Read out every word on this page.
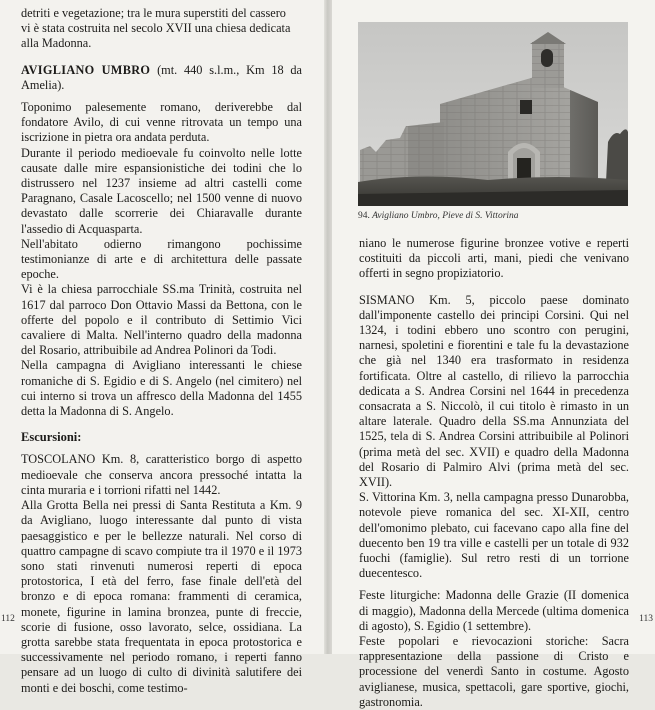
detriti e vegetazione; tra le mura superstiti del cassero

vi è stata costruita nel secolo XVII una chiesa dedicata

alla Madonna.

AVIGLIANO UMBRO (mt. 440 s.l.m., Km 18 da Amelia).

Toponimo palesemente romano, deriverebbe dal fondatore Avilo, di cui venne ritrovata un tempo una iscrizione in pietra ora andata perduta.

Durante il periodo medioevale fu coinvolto nelle lotte causate dalle mire espansionistiche dei todini che lo distrussero nel 1237 insieme ad altri castelli come Paragnano, Casale Lacoscello; nel 1500 venne di nuovo devastato dalle scorrerie dei Chiaravalle durante l'assedio di Acquasparta.

Nell'abitato odierno rimangono pochissime testimonianze di arte e di architettura delle passate epoche.

Vi è la chiesa parrocchiale SS.ma Trinità, costruita nel 1617 dal parroco Don Ottavio Massi da Bettona, con le offerte del popolo e il contributo di Settimio Vici cavaliere di Malta. Nell'interno quadro della madonna del Rosario, attribuibile ad Andrea Polinori da Todi.

Nella campagna di Avigliano interessanti le chiese romaniche di S. Egidio e di S. Angelo (nel cimitero) nel cui interno si trova un affresco della Madonna del 1455 detta la Madonna di S. Angelo.

Escursioni:

TOSCOLANO Km. 8, caratteristico borgo di aspetto medioevale che conserva ancora pressoché intatta la cinta muraria e i torrioni rifatti nel 1442.

Alla Grotta Bella nei pressi di Santa Restituta a Km. 9 da Avigliano, luogo interessante dal punto di vista paesaggistico e per le bellezze naturali. Nel corso di quattro campagne di scavo compiute tra il 1970 e il 1973 sono stati rinvenuti numerosi reperti di epoca protostorica, I età del ferro, fase finale dell'età del bronzo e di epoca romana: frammenti di ceramica, monete, figurine in lamina bronzea, punte di freccie, scorie di fusione, osso lavorato, selce, ossidiana. La grotta sarebbe stata frequentata in epoca protostorica e successivamente nel periodo romano, i reperti fanno pensare ad un luogo di culto di divinità salutifere dei monti e dei boschi, come testimo-

112
94. Avigliano Umbro, Pieve di S. Vittorina

niano le numerose figurine bronzee votive e reperti costituiti da piccoli arti, mani, piedi che venivano offerti in segno propiziatorio.

SISMANO Km. 5, piccolo paese dominato dall'imponente castello dei principi Corsini. Qui nel 1324, i todini ebbero uno scontro con perugini, narnesi, spoletini e fiorentini e tale fu la devastazione che già nel 1340 era trasformato in residenza fortificata. Oltre al castello, di rilievo la parrocchia dedicata a S. Andrea Corsini nel 1644 in precedenza consacrata a S. Niccolò, il cui titolo è rimasto in un altare laterale. Quadro della SS.ma Annunziata del 1525, tela di S. Andrea Corsini attribuibile al Polinori (prima metà del sec. XVII) e quadro della Madonna del Rosario di Palmiro Alvi (prima metà del sec. XVII).

S. Vittorina Km. 3, nella campagna presso Dunarobba, notevole pieve romanica del sec. XI-XII, centro dell'omonimo plebato, cui facevano capo alla fine del duecento ben 19 tra ville e castelli per un totale di 932 fuochi (famiglie). Sul retro resti di un torrione duecentesco.

Feste liturgiche: Madonna delle Grazie (II domenica di maggio), Madonna della Mercede (ultima domenica di agosto), S. Egidio (1 settembre).

Feste popolari e rievocazioni storiche: Sacra rappresentazione della passione di Cristo e processione del venerdì Santo in costume. Agosto aviglianese, musica, spettacoli, gare sportive, giochi, gastronomia.

113
